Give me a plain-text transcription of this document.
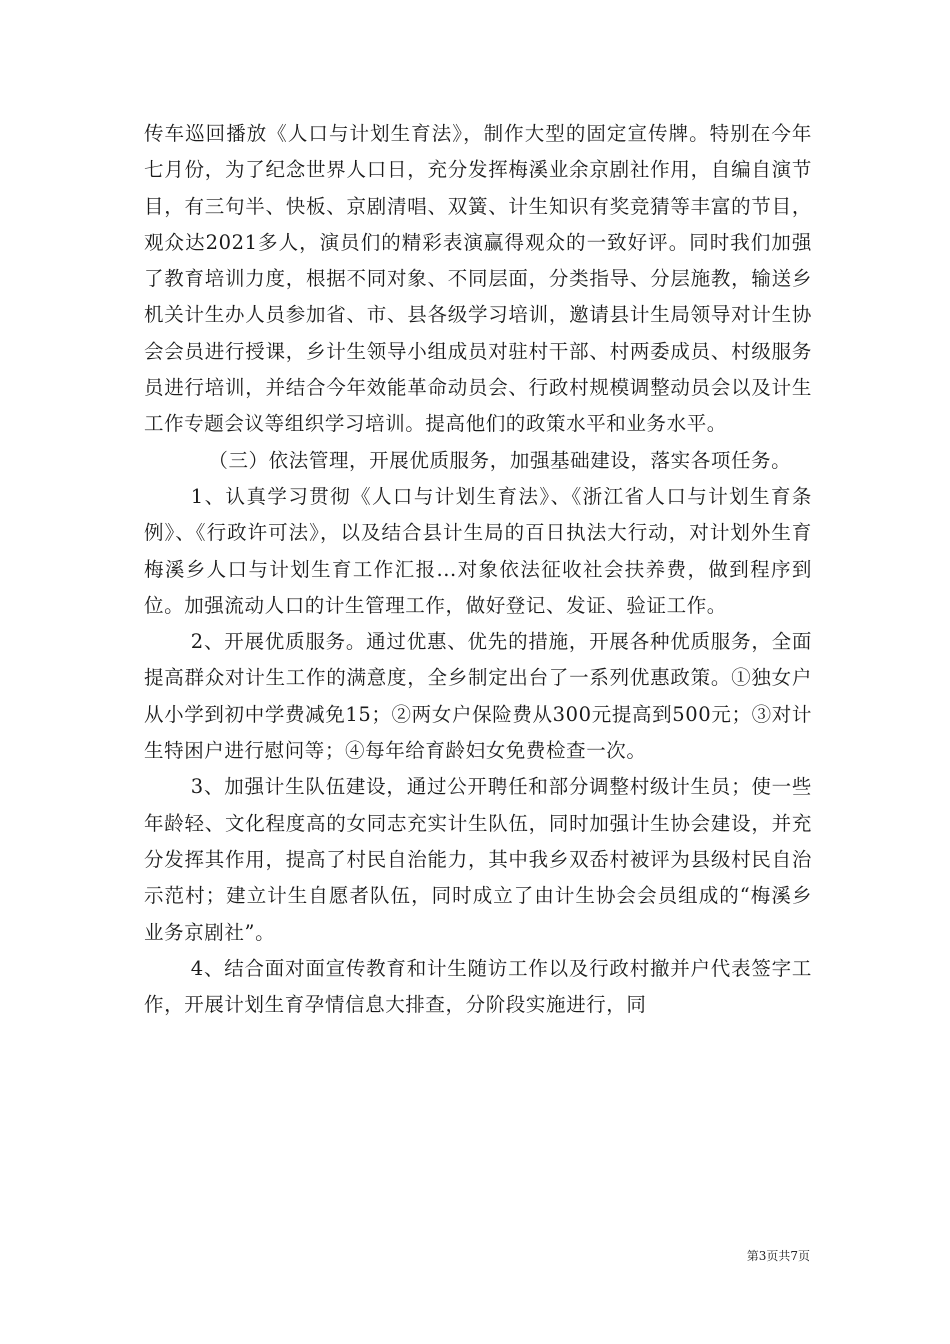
传车巡回播放《人口与计划生育法》，制作大型的固定宣传牌。特别在今年七月份，为了纪念世界人口日，充分发挥梅溪业余京剧社作用，自编自演节目，有三句半、快板、京剧清唱、双簧、计生知识有奖竞猜等丰富的节目，观众达2021多人，演员们的精彩表演赢得观众的一致好评。同时我们加强了教育培训力度，根据不同对象、不同层面，分类指导、分层施教，输送乡机关计生办人员参加省、市、县各级学习培训，邀请县计生局领导对计生协会会员进行授课，乡计生领导小组成员对驻村干部、村两委成员、村级服务员进行培训，并结合今年效能革命动员会、行政村规模调整动员会以及计生工作专题会议等组织学习培训。提高他们的政策水平和业务水平。

（三）依法管理，开展优质服务，加强基础建设，落实各项任务。

1、认真学习贯彻《人口与计划生育法》、《浙江省人口与计划生育条例》、《行政许可法》，以及结合县计生局的百日执法大行动，对计划外生育梅溪乡人口与计划生育工作汇报...对象依法征收社会扶养费，做到程序到位。加强流动人口的计生管理工作，做好登记、发证、验证工作。

2、开展优质服务。通过优惠、优先的措施，开展各种优质服务，全面提高群众对计生工作的满意度，全乡制定出台了一系列优惠政策。①独女户从小学到初中学费减免15；②两女户保险费从300元提高到500元；③对计生特困户进行慰问等；④每年给育龄妇女免费检查一次。

3、加强计生队伍建设，通过公开聘任和部分调整村级计生员；使一些年龄轻、文化程度高的女同志充实计生队伍，同时加强计生协会建设，并充分发挥其作用，提高了村民自治能力，其中我乡双岙村被评为县级村民自治示范村；建立计生自愿者队伍，同时成立了由计生协会会员组成的“梅溪乡业务京剧社”。

4、结合面对面宣传教育和计生随访工作以及行政村撤并户代表签字工作，开展计划生育孕情信息大排查，分阶段实施进行，同

第3页共7页
